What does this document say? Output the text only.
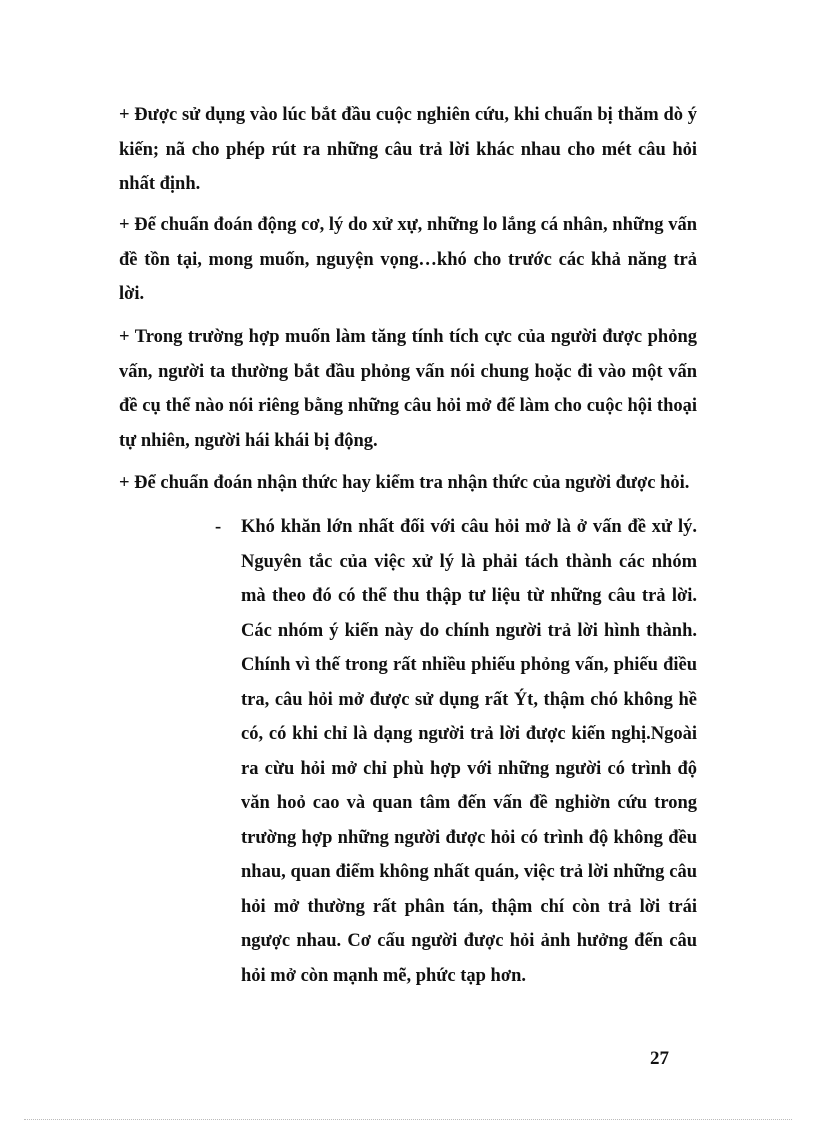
+ Được sử dụng vào lúc bắt đầu cuộc nghiên cứu, khi chuẩn bị thăm dò ý kiến; nã cho phép rút ra những câu trả lời khác nhau cho mét câu hỏi nhất định.

+ Để chuẩn đoán động cơ, lý do xử xự, những lo lắng cá nhân, những vấn đề tồn tại, mong muốn, nguyện vọng…khó cho trước các khả năng trả lời.

+ Trong trường hợp muốn làm tăng tính tích cực của người được phỏng vấn, người ta thường bắt đầu phỏng vấn nói chung hoặc đi vào một vấn đề cụ thể nào nói riêng bằng những câu hỏi mở để làm cho cuộc hội thoại tự nhiên, người hái khái bị động.

+ Để chuẩn đoán nhận thức hay kiểm tra nhận thức của người được hỏi.

- Khó khăn lớn nhất đối với câu hỏi mở là ở vấn đề xử lý. Nguyên tắc của việc xử lý là phải tách thành các nhóm mà theo đó có thể thu thập tư liệu từ những câu trả lời. Các nhóm ý kiến này do chính người trả lời hình thành. Chính vì thế trong rất nhiều phiếu phỏng vấn, phiếu điều tra, câu hỏi mở được sử dụng rất Ýt, thậm chó không hề có, có khi chỉ là dạng người trả lời được kiến nghị.Ngoài ra cừu hỏi mở chỉ phù hợp với những người có trình độ văn hoỏ cao và quan tâm đến vấn đề nghiờn cứu trong trường hợp những người được hỏi có trình độ không đều nhau, quan điểm không nhất quán, việc trả lời những câu hỏi mở thường rất phân tán, thậm chí còn trả lời trái ngược nhau. Cơ cấu người được hỏi ảnh hưởng đến câu hỏi mở còn mạnh mẽ, phức tạp hơn.
27
